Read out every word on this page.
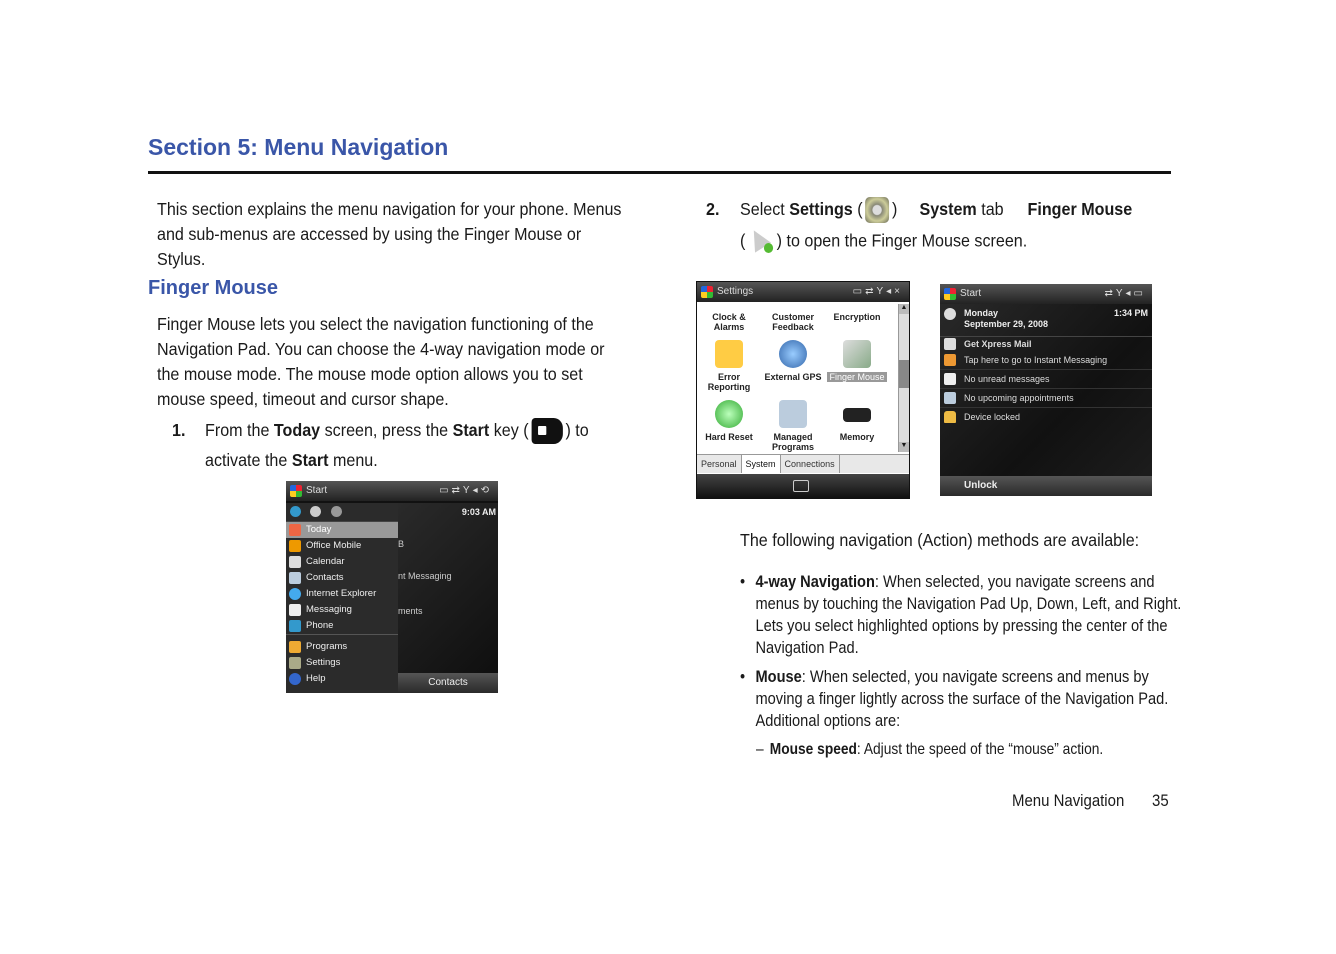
Section 5: Menu Navigation
This section explains the menu navigation for your phone. Menus
and sub-menus are accessed by using the Finger Mouse or
Stylus.
Finger Mouse
Finger Mouse lets you select the navigation functioning of the
Navigation Pad. You can choose the 4-way navigation mode or
the mouse mode. The mouse mode option allows you to set
mouse speed, timeout and cursor shape.
1. From the Today screen, press the Start key ( ) to
activate the Start menu.
Start	▭⇄Y◂⟲
9:03 AM
B
nt Messaging
ments
Contacts

Today
Office Mobile
Calendar
Contacts
Internet Explorer
Messaging
Phone
Programs
Settings
Help
2. Select Settings ( ) System tab Finger Mouse
( ) to open the Finger Mouse screen.
Settings	▭⇄Y◂×
Clock & Alarms
Customer Feedback
Encryption
Error Reporting
External GPS Finger Mouse
Hard Reset	Managed Programs
Memory
▲
▼
Personal System Connections
Start	⇄Y◂▭
Monday
September 29, 2008
1:34 PM
Get Xpress Mail
Tap here to go to Instant Messaging
No unread messages
No upcoming appointments
Device locked
Unlock
The following navigation (Action) methods are available:
• 4-way Navigation: When selected, you navigate screens and
menus by touching the Navigation Pad Up, Down, Left, and Right.
Lets you select highlighted options by pressing the center of the
Navigation Pad.
• Mouse: When selected, you navigate screens and menus by
moving a finger lightly across the surface of the Navigation Pad.
Additional options are:
– Mouse speed: Adjust the speed of the “mouse” action.
Menu Navigation 35
